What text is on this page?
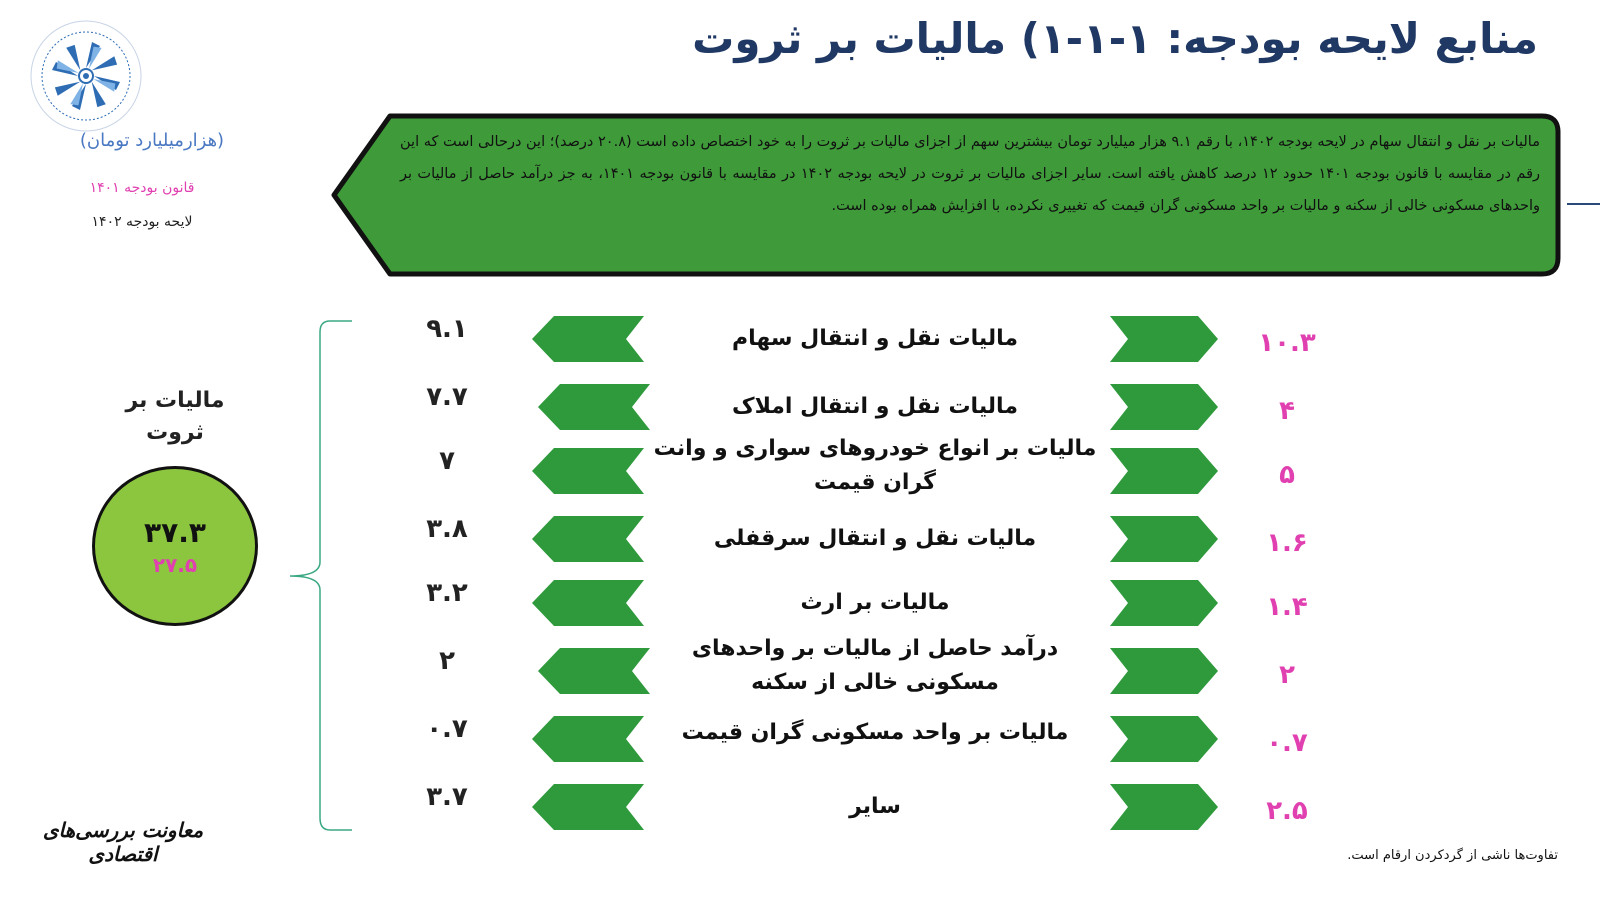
منابع لایحه بودجه: ۱-۱-۱) مالیات بر ثروت
(هزارمیلیارد تومان)
قانون بودجه ۱۴۰۱
لایحه بودجه ۱۴۰۲
مالیات بر نقل و انتقال سهام در لایحه بودجه ۱۴۰۲، با رقم ۹.۱ هزار میلیارد تومان بیشترین سهم از اجزای مالیات بر ثروت را به خود اختصاص داده است (۲۰.۸ درصد)؛ این درحالی است که این رقم در مقایسه با قانون بودجه ۱۴۰۱ حدود ۱۲ درصد کاهش یافته است. سایر اجزای مالیات بر ثروت در لایحه بودجه ۱۴۰۲ در مقایسه با قانون بودجه ۱۴۰۱، به جز درآمد حاصل از مالیات بر واحدهای مسکونی خالی از سکنه و مالیات بر واحد مسکونی گران قیمت که تغییری نکرده، با افزایش همراه بوده است.
مالیات بر ثروت
۳۷.۳
۲۷.۵
۹.۱	مالیات نقل و انتقال سهام	۱۰.۳
۷.۷	مالیات نقل و انتقال املاک	۴
۷	مالیات بر انواع خودروهای سواری و وانت گران قیمت	۵
۳.۸	مالیات نقل و انتقال سرقفلی	۱.۶
۳.۲	مالیات بر ارث	۱.۴
۲	درآمد حاصل از مالیات بر واحدهای مسکونی خالی از سکنه	۲
۰.۷	مالیات بر واحد مسکونی گران قیمت	۰.۷
۳.۷	سایر	۲.۵
معاونت بررسی‌های اقتصادی	تفاوت‌ها ناشی از گردکردن ارقام است.
